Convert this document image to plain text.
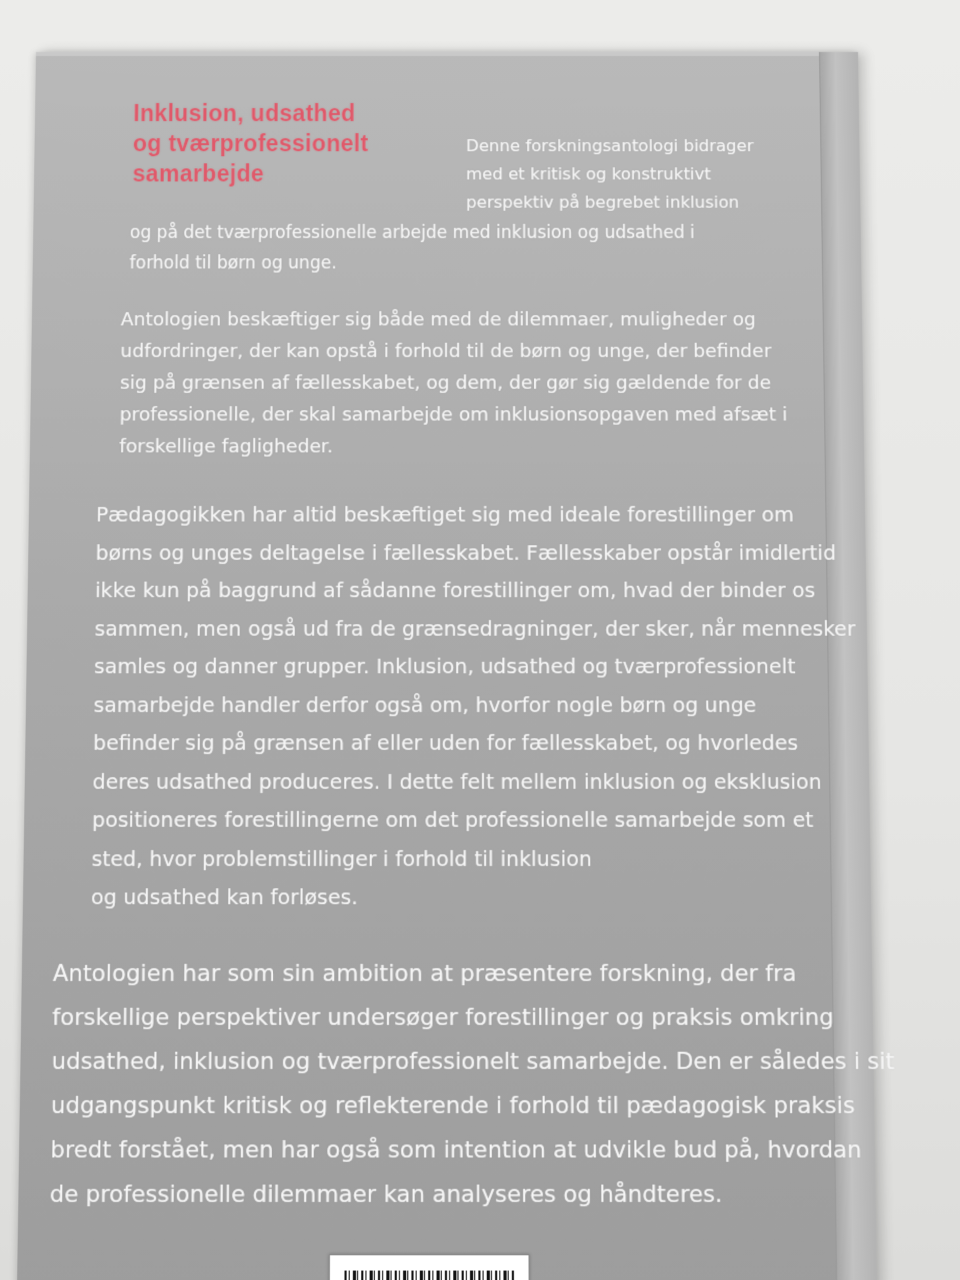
Inklusion, udsathed
og tværprofessionelt
samarbejde
Denne forskningsantologi bidrager
med et kritisk og konstruktivt
perspektiv på begrebet inklusion
og på det tværprofessionelle arbejde med inklusion og udsathed i
forhold til børn og unge.
Antologien beskæftiger sig både med de dilemmaer, muligheder og
udfordringer, der kan opstå i forhold til de børn og unge, der befinder
sig på grænsen af fællesskabet, og dem, der gør sig gældende for de
professionelle, der skal samarbejde om inklusionsopgaven med afsæt i
forskellige fagligheder.
Pædagogikken har altid beskæftiget sig med ideale forestillinger om
børns og unges deltagelse i fællesskabet. Fællesskaber opstår imidlertid
ikke kun på baggrund af sådanne forestillinger om, hvad der binder os
sammen, men også ud fra de grænsedragninger, der sker, når mennesker
samles og danner grupper. Inklusion, udsathed og tværprofessionelt
samarbejde handler derfor også om, hvorfor nogle børn og unge
befinder sig på grænsen af eller uden for fællesskabet, og hvorledes
deres udsathed produceres. I dette felt mellem inklusion og eksklusion
positioneres forestillingerne om det professionelle samarbejde som et
sted, hvor problemstillinger i forhold til inklusion
og udsathed kan forløses.
Antologien har som sin ambition at præsentere forskning, der fra
forskellige perspektiver undersøger forestillinger og praksis omkring
udsathed, inklusion og tværprofessionelt samarbejde. Den er således i sit
udgangspunkt kritisk og reflekterende i forhold til pædagogisk praksis
bredt forstået, men har også som intention at udvikle bud på, hvordan
de professionelle dilemmaer kan analyseres og håndteres.
